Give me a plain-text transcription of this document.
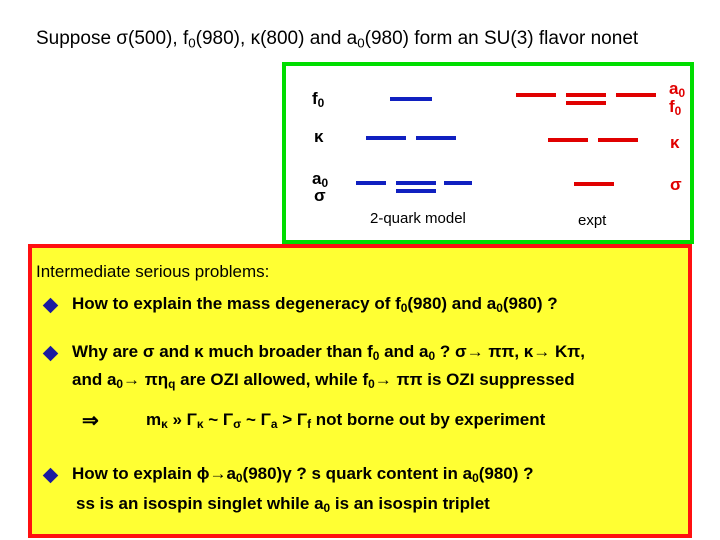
Suppose σ(500), $f_0(980)$, κ(800) and $a_0(980)$ form an SU(3) flavor nonet
$f_0$
κ
$a_0$
σ
$a_0$
$f_0$
κ
σ
2-quark model	expt
Intermediate serious problems:
How to explain the mass degeneracy of $f_0(980)$ and $a_0(980)$ ?
Why are σ and κ much broader than $f_0$ and $a_0$ ? σ→ ππ, κ→ Kπ,
and $a_0\to \pi\eta_q$ are OZI allowed, while $f_0\to \pi\pi$ is OZI suppressed
⇒	$m_\kappa$ » $\Gamma_\kappa$ ~ $\Gamma_\sigma$ ~ $\Gamma_a > \Gamma_f$ not borne out by experiment
How to explain $\phi\to a_0(980)\gamma$ ? s quark content in $a_0(980)$ ?
ss is an isospin singlet while $a_0$ is an isospin triplet
